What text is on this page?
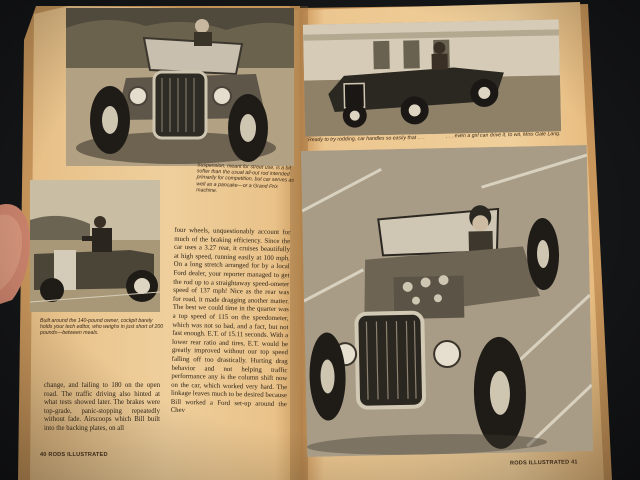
Suspension, meant for street use, is a bit softer than the usual all-out rod intended primarily for competition, but car serves as well as a pancake—or a Grand Prix machine.
Built around the 140-pound owner, cockpit barely holds your tech editor, who weighs in just short of 200 pounds—between meals.
four wheels, unquestionably account for much of the braking efficiency. Since the car uses a 3.27 rear, it cruises beautifully at high speed, running easily at 100 mph. On a long stretch arranged for by a local Ford dealer, your reporter managed to get the rod up to a straightaway speed-ometer speed of 137 mph! Nice as the rear was for road, it made dragging another matter. The best we could time in the quarter was a top speed of 115 on the speedometer, which was not so bad, and a fact, but not fast enough. E.T. of 15.11 seconds. With a lower rear ratio and tires, E.T. would be greatly improved without our top speed falling off too drastically. Hurting drag behavior and not helping traffic performance any is the column shift now on the car, which worked very hard. The linkage leaves much to be desired because Bill worked a Ford set-up around the Chev
change, and failing to 180 on the open road. The traffic driving also hinted at what tests showed later. The brakes were top-grade, panic-stopping repeatedly without fade. Airscoops which Bill built into the backing plates, on all
40 RODS ILLUSTRATED
Ready to try rodding, car handles so easily that . . .	. . . even a girl can drive it, to wit, Miss Gale Lang.
RODS ILLUSTRATED 41
